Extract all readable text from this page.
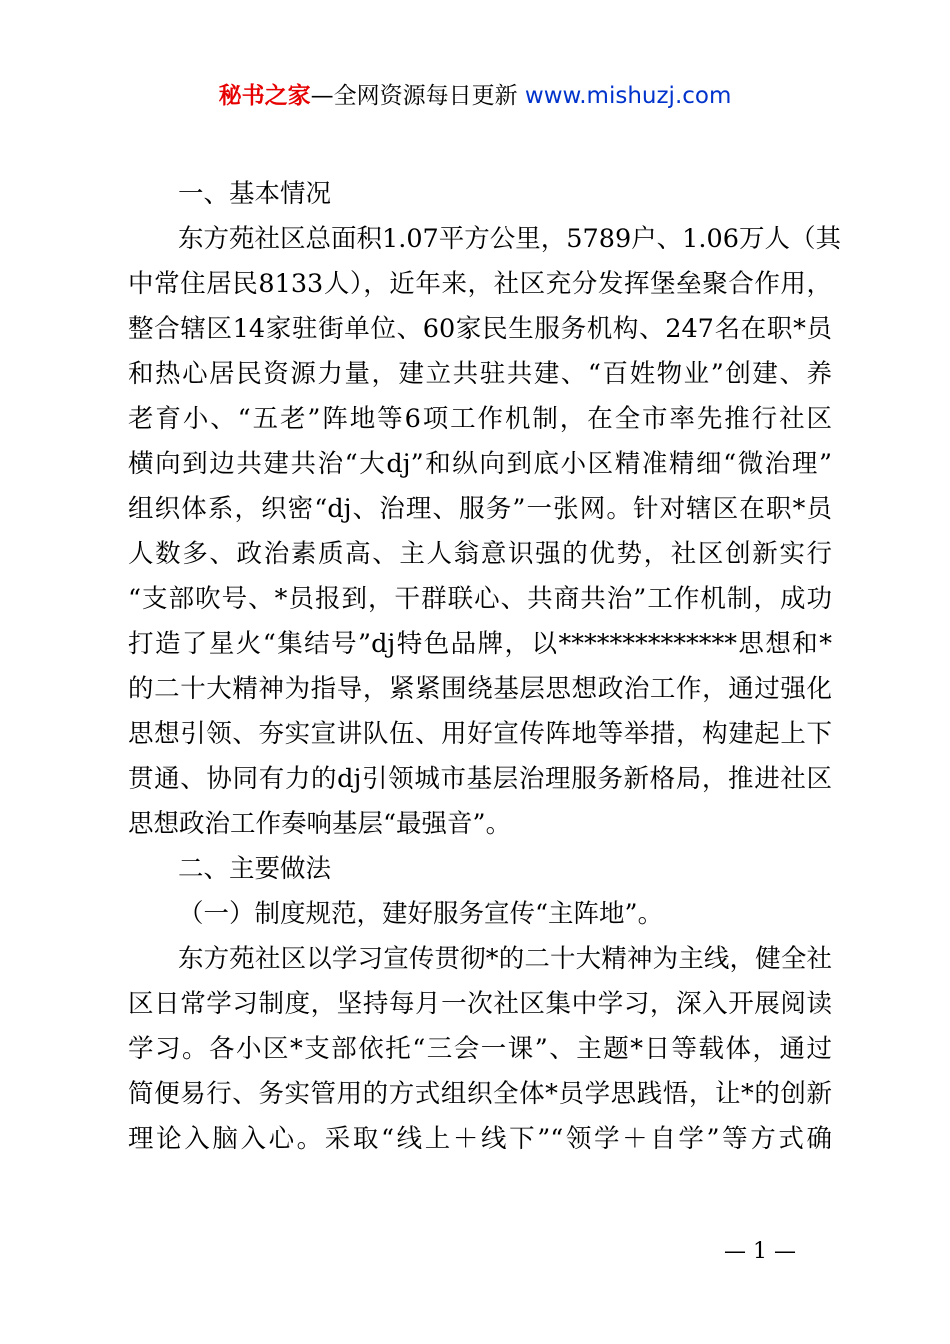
秘书之家—全网资源每日更新 www.mishuzj.com
一、基本情况
东方苑社区总面积1.07平方公里，5789户、1.06万人（其
中常住居民8133人），近年来，社区充分发挥堡垒聚合作用，
整合辖区14家驻街单位、60家民生服务机构、247名在职*员
和热心居民资源力量，建立共驻共建、“百姓物业”创建、养
老育小、“五老”阵地等6项工作机制，在全市率先推行社区
横向到边共建共治“大dj”和纵向到底小区精准精细“微治理”
组织体系，织密“dj、治理、服务”一张网。针对辖区在职*员
人数多、政治素质高、主人翁意识强的优势，社区创新实行
“支部吹号、*员报到，干群联心、共商共治”工作机制，成功
打造了星火“集结号”dj特色品牌，以**************思想和*
的二十大精神为指导，紧紧围绕基层思想政治工作，通过强化
思想引领、夯实宣讲队伍、用好宣传阵地等举措，构建起上下
贯通、协同有力的dj引领城市基层治理服务新格局，推进社区
思想政治工作奏响基层“最强音”。
二、主要做法
（一）制度规范，建好服务宣传“主阵地”。
东方苑社区以学习宣传贯彻*的二十大精神为主线，健全社
区日常学习制度，坚持每月一次社区集中学习，深入开展阅读
学习。各小区*支部依托“三会一课”、主题*日等载体，通过
简便易行、务实管用的方式组织全体*员学思践悟，让*的创新
理论入脑入心。采取“线上＋线下”“领学＋自学”等方式确
— 1 —
